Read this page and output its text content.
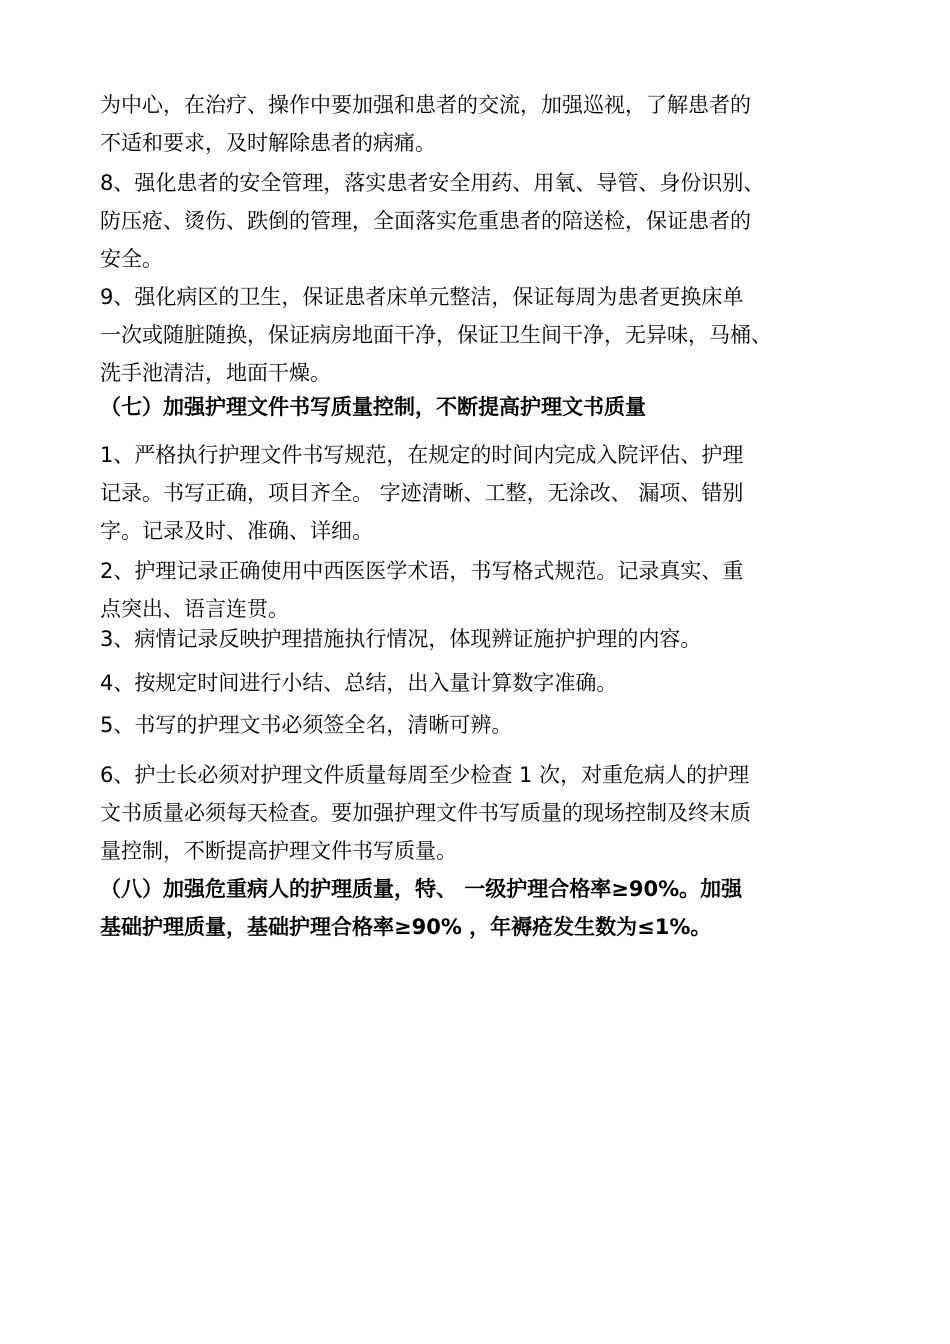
为中心，在治疗、操作中要加强和患者的交流，加强巡视，了解患者的
不适和要求，及时解除患者的病痛。
8、强化患者的安全管理，落实患者安全用药、用氧、导管、身份识别、
防压疮、烫伤、跌倒的管理，全面落实危重患者的陪送检，保证患者的
安全。
9、强化病区的卫生，保证患者床单元整洁，保证每周为患者更换床单
一次或随脏随换，保证病房地面干净，保证卫生间干净，无异味，马桶、
洗手池清洁，地面干燥。
（七）加强护理文件书写质量控制，不断提高护理文书质量
1、严格执行护理文件书写规范，在规定的时间内完成入院评估、护理
记录。书写正确，项目齐全。 字迹清晰、工整，无涂改、 漏项、错别
字。记录及时、准确、详细。
2、护理记录正确使用中西医医学术语，书写格式规范。记录真实、重
点突出、语言连贯。
3、病情记录反映护理措施执行情况，体现辨证施护护理的内容。
4、按规定时间进行小结、总结，出入量计算数字准确。
5、书写的护理文书必须签全名，清晰可辨。
6、护士长必须对护理文件质量每周至少检查 1 次，对重危病人的护理
文书质量必须每天检查。要加强护理文件书写质量的现场控制及终末质
量控制，不断提高护理文件书写质量。
（八）加强危重病人的护理质量，特、 一级护理合格率≥90%。加强
基础护理质量，基础护理合格率≥90% ，年褥疮发生数为≤1%。
